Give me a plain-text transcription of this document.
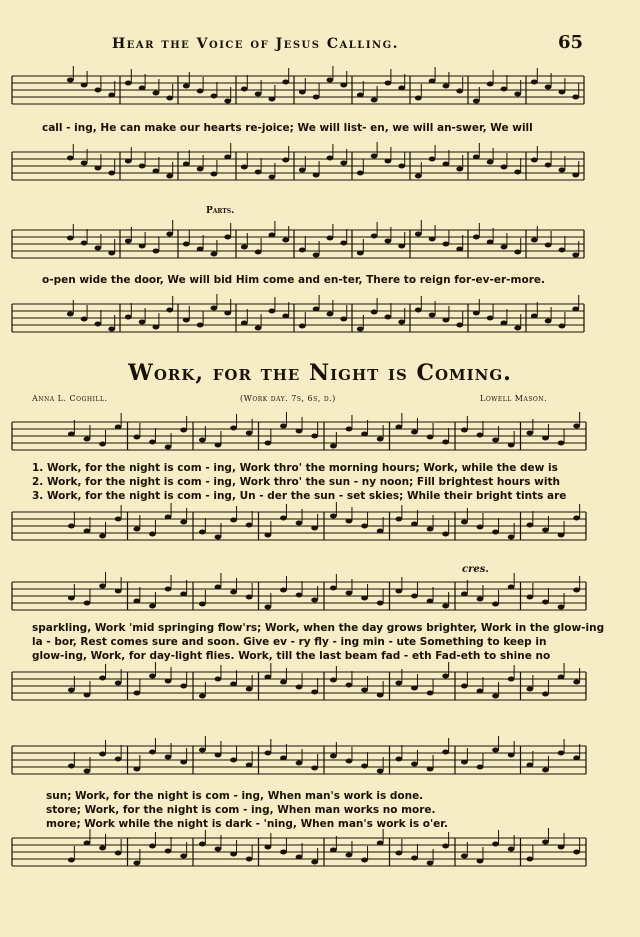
Hear the Voice of Jesus Calling.	65
call - ing, He can make our hearts re-joice; We will list- en, we will an-swer, We will
Parts.
o-pen wide the door, We will bid Him come and en-ter, There to reign for-ev-er-more.
Work, for the Night is Coming.
Anna L. Coghill.	(Work day. 7s, 6s, d.)	Lowell Mason.
1. Work, for the night is com - ing, Work thro' the morning hours; Work, while the dew is
2. Work, for the night is com - ing, Work thro' the sun - ny noon; Fill brightest hours with
3. Work, for the night is com - ing, Un - der the sun - set skies; While their bright tints are
cres.
sparkling, Work 'mid springing flow'rs; Work, when the day grows brighter, Work in the glow-ing
la - bor, Rest comes sure and soon. Give ev - ry fly - ing min - ute Something to keep in
glow-ing, Work, for day-light flies. Work, till the last beam fad - eth Fad-eth to shine no
sun; Work, for the night is com - ing, When man's work is done.
store; Work, for the night is com - ing, When man works no more.
more; Work while the night is dark - 'ning, When man's work is o'er.
